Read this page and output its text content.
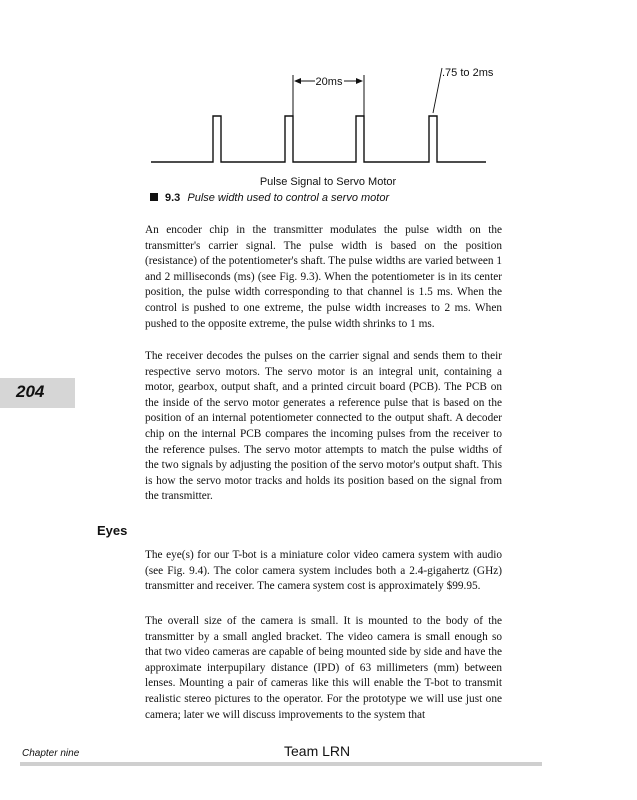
20ms
.75 to 2ms
Pulse Signal to Servo Motor
9.3 Pulse width used to control a servo motor

An encoder chip in the transmitter modulates the pulse width on the transmitter's carrier signal. The pulse width is based on the position (resistance) of the potentiometer's shaft. The pulse widths are varied between 1 and 2 milliseconds (ms) (see Fig. 9.3). When the potentiometer is in its center position, the pulse width corresponding to that channel is 1.5 ms. When the control is pushed to one extreme, the pulse width increases to 2 ms. When pushed to the opposite extreme, the pulse width shrinks to 1 ms.

The receiver decodes the pulses on the carrier signal and sends them to their respective servo motors. The servo motor is an integral unit, containing a motor, gearbox, output shaft, and a printed circuit board (PCB). The PCB on the inside of the servo motor generates a reference pulse that is based on the position of an internal potentiometer connected to the output shaft. A decoder chip on the internal PCB compares the incoming pulses from the receiver to the reference pulses. The servo motor attempts to match the pulse widths of the two signals by adjusting the position of the servo motor's output shaft. This is how the servo motor tracks and holds its position based on the signal from the transmitter.

204
Eyes

The eye(s) for our T-bot is a miniature color video camera system with audio (see Fig. 9.4). The color camera system includes both a 2.4-gigahertz (GHz) transmitter and receiver. The camera system cost is approximately $99.95.

The overall size of the camera is small. It is mounted to the body of the transmitter by a small angled bracket. The video camera is small enough so that two video cameras are capable of being mounted side by side and have the approximate interpupilary distance (IPD) of 63 millimeters (mm) between lenses. Mounting a pair of cameras like this will enable the T-bot to transmit realistic stereo pictures to the operator. For the prototype we will use just one camera; later we will discuss improvements to the system that

Chapter nine	Team LRN
